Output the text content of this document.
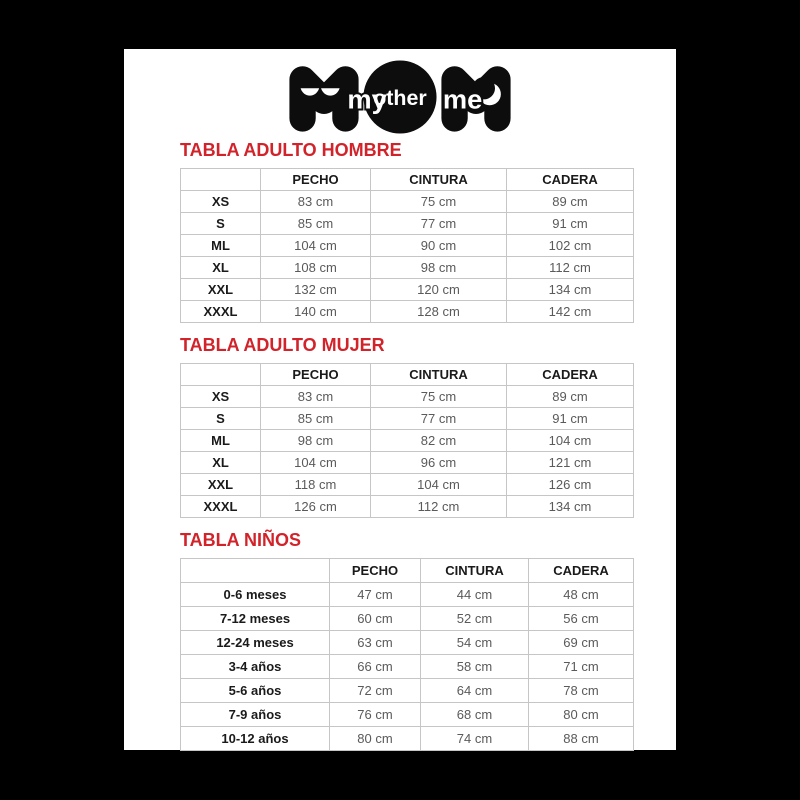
my
other me
TABLA ADULTO HOMBRE
	PECHO	CINTURA	CADERA
XS	83 cm	75 cm	89 cm
S	85 cm	77 cm	91 cm
ML	104 cm	90 cm	102 cm
XL	108 cm	98 cm	112 cm
XXL	132 cm	120 cm	134 cm
XXXL	140 cm	128 cm	142 cm
TABLA ADULTO MUJER
	PECHO	CINTURA	CADERA
XS	83 cm	75 cm	89 cm
S	85 cm	77 cm	91 cm
ML	98 cm	82 cm	104 cm
XL	104 cm	96 cm	121 cm
XXL	118 cm	104 cm	126 cm
XXXL	126 cm	112 cm	134 cm
TABLA NIÑOS
	PECHO	CINTURA	CADERA
0-6 meses	47 cm	44 cm	48 cm
7-12 meses	60 cm	52 cm	56 cm
12-24 meses	63 cm	54 cm	69 cm
3-4 años	66 cm	58 cm	71 cm
5-6 años	72 cm	64 cm	78 cm
7-9 años	76 cm	68 cm	80 cm
10-12 años	80 cm	74 cm	88 cm
